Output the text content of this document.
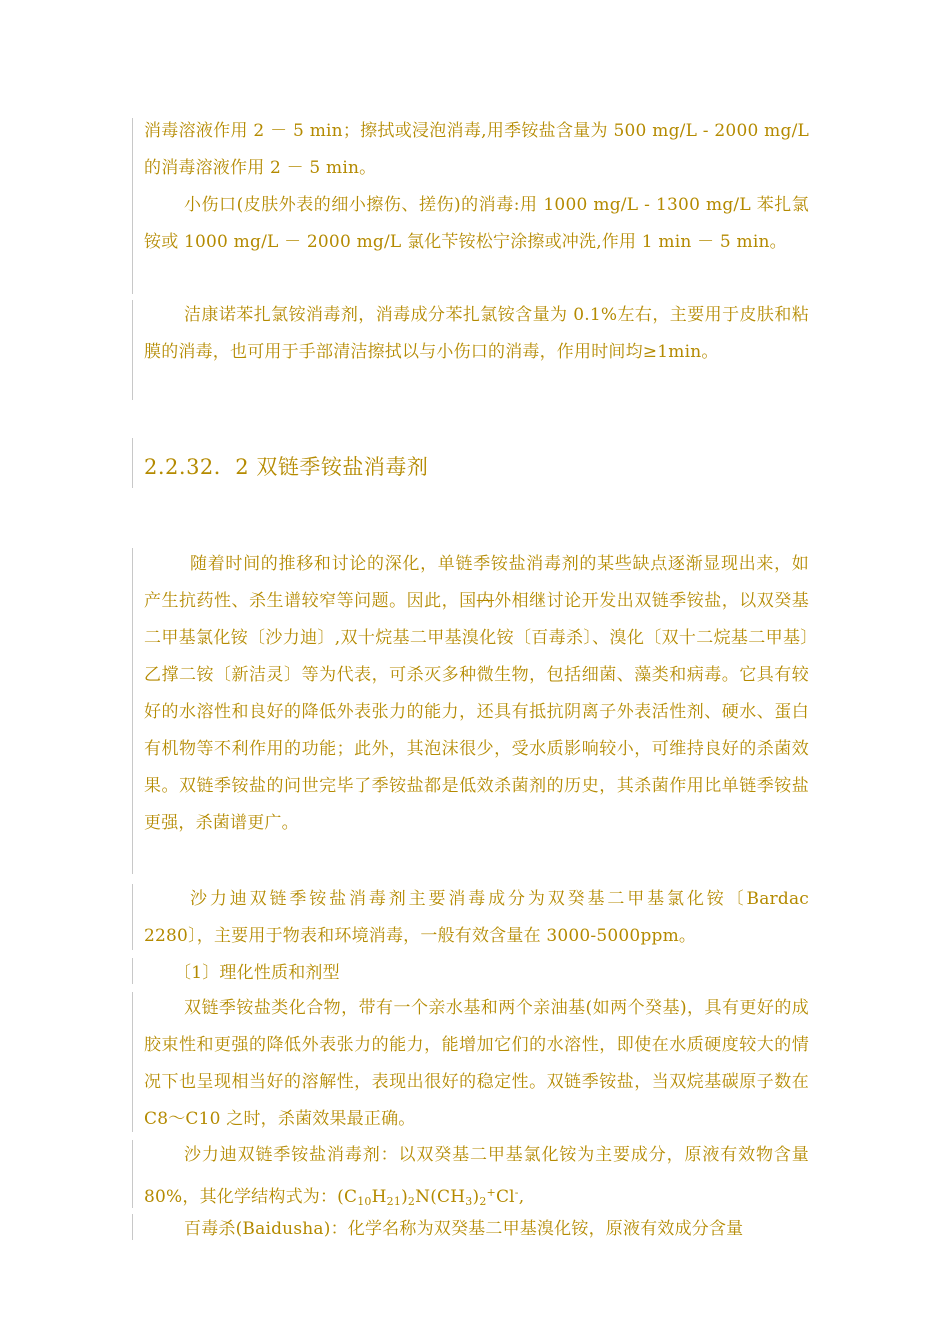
消毒溶液作用 2 － 5 min；擦拭或浸泡消毒,用季铵盐含量为 500 mg/L - 2000 mg/L 的消毒溶液作用 2 － 5 min。
小伤口(皮肤外表的细小擦伤、搓伤)的消毒:用 1000 mg/L - 1300 mg/L 苯扎氯铵或 1000 mg/L － 2000 mg/L 氯化苄铵松宁涂擦或冲洗,作用 1 min － 5 min。
洁康诺苯扎氯铵消毒剂，消毒成分苯扎氯铵含量为 0.1%左右，主要用于皮肤和粘膜的消毒，也可用于手部清洁擦拭以与小伤口的消毒，作用时间均≥1min。
2.2.32．2 双链季铵盐消毒剂
随着时间的推移和讨论的深化，单链季铵盐消毒剂的某些缺点逐渐显现出来，如产生抗药性、杀生谱较窄等问题。因此，国内外相继讨论开发出双链季铵盐，以双癸基二甲基氯化铵〔沙力迪〕,双十烷基二甲基溴化铵〔百毒杀〕、溴化〔双十二烷基二甲基〕乙撑二铵〔新洁灵〕等为代表，可杀灭多种微生物，包括细菌、藻类和病毒。它具有较好的水溶性和良好的降低外表张力的能力，还具有抵抗阴离子外表活性剂、硬水、蛋白有机物等不利作用的功能；此外，其泡沫很少，受水质影响较小，可维持良好的杀菌效果。双链季铵盐的问世完毕了季铵盐都是低效杀菌剂的历史，其杀菌作用比单链季铵盐更强，杀菌谱更广。
沙力迪双链季铵盐消毒剂主要消毒成分为双癸基二甲基氯化铵〔Bardac 2280〕，主要用于物表和环境消毒，一般有效含量在 3000-5000ppm。
〔1〕理化性质和剂型
双链季铵盐类化合物，带有一个亲水基和两个亲油基(如两个癸基)，具有更好的成胶束性和更强的降低外表张力的能力，能增加它们的水溶性，即使在水质硬度较大的情况下也呈现相当好的溶解性，表现出很好的稳定性。双链季铵盐，当双烷基碳原子数在 C8～C10 之时，杀菌效果最正确。
沙力迪双链季铵盐消毒剂：以双癸基二甲基氯化铵为主要成分，原液有效物含量 80%，其化学结构式为：$(C_{10}H_{21})_2N(CH_3)_2^+Cl^-$,
百毒杀(Baidusha)：化学名称为双癸基二甲基溴化铵，原液有效成分含量
